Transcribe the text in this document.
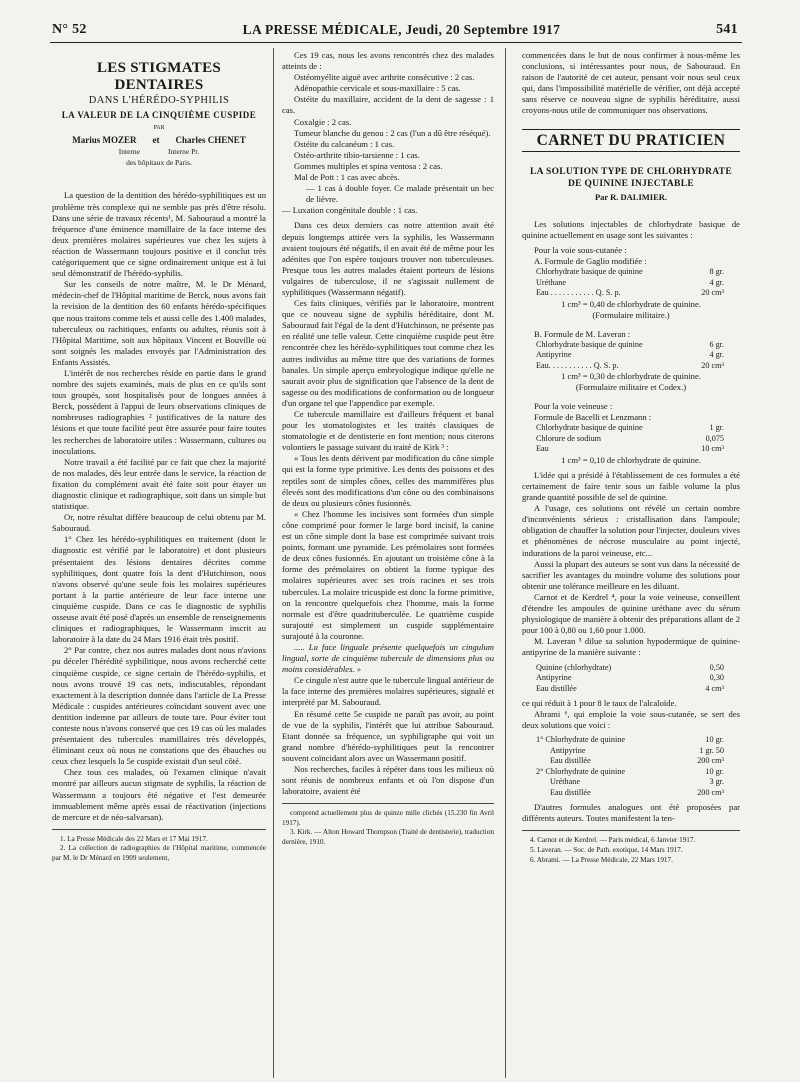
N° 52	LA PRESSE MÉDICALE, Jeudi, 20 Septembre 1917	541
LES STIGMATES DENTAIRES
DANS L'HÉRÉDO-SYPHILIS
LA VALEUR DE LA CINQUIÈME CUSPIDE
PAR
Marius MOZER et Charles CHENET
Interne	Interne Pr.
des hôpitaux de Paris.

La question de la dentition des hérédo-syphilitiques est un problème très complexe qui ne semble pas près d'être résolu. Dans une série de travaux récents¹, M. Sabouraud a montré la fréquence d'une éminence mamillaire de la face interne des deux premières molaires supérieures vue chez les sujets à réaction de Wassermann toujours positive et il conclut très catégoriquement que ce signe ordinairement unique est à lui seul démonstratif de l'hérédo-syphilis.

Sur les conseils de notre maître, M. le Dr Ménard, médecin-chef de l'Hôpital maritime de Berck, nous avons fait la revision de la dentition des 60 enfants hérédo-spécifiques que nous traitons comme tels et aussi celle des 1.400 malades, tuberculeux ou rachitiques, enfants ou adultes, réunis soit à l'Hôpital Maritime, soit aux hôpitaux Vincent et Bouville où sont soignés les malades envoyés par l'Administration des Enfants Assistés.

L'intérêt de nos recherches réside en partie dans le grand nombre des sujets examinés, mais de plus en ce qu'ils sont tous groupés, sont hospitalisés pour de longues années à Berck, possèdent à l'appui de leurs observations cliniques de nombreuses radiographies ² justificatives de la nature des lésions et que toute facilité peut être assurée pour faire toutes les recherches de laboratoire utiles : Wassermann, cultures ou inoculations.

Notre travail a été facilité par ce fait que chez la majorité de nos malades, dès leur entrée dans le service, la réaction de fixation du complément avait été faite soit pour étayer un diagnostic clinique et radiographique, soit dans un simple but statistique.

Or, notre résultat diffère beaucoup de celui obtenu par M. Sabouraud.

1° Chez les hérédo-syphilitiques en traitement (dont le diagnostic est vérifié par le laboratoire) et dont plusieurs présentaient des lésions dentaires décrites comme syphilitiques, dont quatre fois la dent d'Hutchinson, nous n'avons observé qu'une seule fois les molaires supérieures portant à la partie antérieure de leur face interne une cinquième cuspide. Dans ce cas le diagnostic de syphilis osseuse avait été posé d'après un ensemble de renseignements cliniques et radiographiques, le Wassermann inscrit au laboratoire à la date du 24 Mars 1916 était très positif.

2° Par contre, chez nos autres malades dont nous n'avions pu déceler l'hérédité syphilitique, nous avons recherché cette cinquième cuspide, ce signe certain de l'hérédo-syphilis, et nous avons trouvé 19 cas nets, indiscutables, répondant exactement à la description donnée dans l'article de La Presse Médicale : cuspides antérieures coïncidant souvent avec une dentition indemne par ailleurs de toute tare. Pour éviter tout conteste nous n'avons conservé que ces 19 cas où les malades présentaient des tubercules mamillaires très développés, éliminant ceux où nous ne constations que des ébauches ou ceux chez lesquels la 5e cuspide existait d'un seul côté.

Chez tous ces malades, où l'examen clinique n'avait montré par ailleurs aucun stigmate de syphilis, la réaction de Wassermann a toujours été négative et l'est demeurée immuablement même après essai de réactivation (injections de mercure et de néo-salvarsan).

1. La Presse Médicale des 22 Mars et 17 Mai 1917.
2. La collection de radiographies de l'Hôpital maritime, commencée par M. le Dr Ménard en 1909 seulement,

Ces 19 cas, nous les avons rencontrés chez des malades atteints de :

Ostéomyélite aiguë avec arthrite consécutive : 2 cas.

Adénopathie cervicale et sous-maxillaire : 5 cas.

Ostéite du maxillaire, accident de la dent de sagesse : 1 cas.

Coxalgie : 2 cas.

Tumeur blanche du genou : 2 cas (l'un a dû être réséqué).

Ostéite du calcanéum : 1 cas.

Ostéo-arthrite tibio-tarsienne : 1 cas.

Gommes multiples et spina ventosa : 2 cas.

Mal de Pott : 1 cas avec abcès.

— 1 cas à double foyer. Ce malade présentait un bec de lièvre.

— Luxation congénitale double : 1 cas.

Dans ces deux derniers cas notre attention avait été depuis longtemps attirée vers la syphilis, les Wassermann avaient toujours été négatifs, il en avait été de même pour les adénites que l'on espère toujours trouver non tuberculeuses. Presque tous les autres malades étaient porteurs de lésions vulgaires de tuberculose, il ne s'agissait nullement de syphilitiques (Wassermann négatif).

Ces faits cliniques, vérifiés par le laboratoire, montrent que ce nouveau signe de syphilis héréditaire, dont M. Sabouraud fait l'égal de la dent d'Hutchinson, ne présente pas en réalité une telle valeur. Cette cinquième cuspide peut être rencontrée chez les hérédo-syphilitiques tout comme chez les autres individus au même titre que des variations de formes banales. Un simple aperçu embryologique indique qu'elle ne saurait avoir plus de signification que l'absence de la dent de sagesse ou des modifications de conformation ou de longueur d'un organe tel que l'appendice par exemple.

Ce tubercule mamillaire est d'ailleurs fréquent et banal pour les stomatologistes et les traités classiques de stomatologie et de dentisterie en font mention; nous citerons volontiers le passage suivant du traité de Kirk ³ :

« Tous les dents dérivent par modification du cône simple qui est la forme type primitive. Les dents des poissons et des reptiles sont de simples cônes, celles des mammifères plus élevés sont des modifications d'un cône ou des combinaisons de deux ou plusieurs cônes fusionnés.

« Chez l'homme les incisives sont formées d'un simple cône comprimé pour former le large bord incisif, la canine est un cône simple dont la base est comprimée suivant trois points, formant une pyramide. Les prémolaires sont formées de deux cônes fusionnés. En ajoutant un troisième cône à la forme des prémolaires on obtient la forme typique des molaires supérieures avec ses trois racines et ses trois tubercules. La molaire tricuspide est donc la forme primitive, on la rencontre quelquefois chez l'homme, mais la forme normale est d'être quadrituberculée. Le quatrième cuspide surajouté est simplement un cuspide supplémentaire surajouté à la couronne.

..... La face linguale présente quelquefois un cingulum lingual, sorte de cinquième tubercule de dimensions plus ou moins considérables. »

Ce cingule n'est autre que le tubercule lingual antérieur de la face interne des premières molaires supérieures, signalé et interprété par M. Sabouraud.

En résumé cette 5e cuspide ne paraît pas avoir, au point de vue de la syphilis, l'intérêt que lui attribue Sabouraud. Etant donnée sa fréquence, un syphiligraphe qui voit un grand nombre d'hérédo-syphilitiques peut la rencontrer souvent coïncidant alors avec un Wassermann positif.

Nos recherches, faciles à répéter dans tous les milieux où sont réunis de nombreux enfants et où l'on dispose d'un laboratoire, avaient été

comprend actuellement plus de quinze mille clichés (15.230 fin Avril 1917).
3. Kirk. — Alton Howard Thompson (Traité de dentisterie), traduction dernière, 1910.

commencées dans le but de nous confirmer à nous-même les conclusions, si intéressantes pour nous, de Sabouraud. En raison de l'autorité de cet auteur, pensant voir nous seul ceux qui, dans l'impossibilité matérielle de vérifier, ont déjà accepté sans réserve ce nouveau signe de syphilis héréditaire, aussi croyons-nous utile de communiquer nos observations.

CARNET DU PRATICIEN
LA SOLUTION TYPE DE CHLORHYDRATE
DE QUININE INJECTABLE
Par R. DALIMIER.

Les solutions injectables de chlorhydrate basique de quinine actuellement en usage sont les suivantes :

Pour la voie sous-cutanée :

A. Formule de Gaglio modifiée :

Chlorhydrate basique de quinine	8 gr.
Uréthane	4 gr.
Eau . . . . . . . . . . . Q. S. p.	20 cm³
1 cm³ = 0,40 de chlorhydrate de quinine.
(Formulaire militaire.)

B. Formule de M. Laveran :

Chlorhydrate basique de quinine	6 gr.
Antipyrine	4 gr.
Eau. . . . . . . . . . . Q. S. p.	20 cm³
1 cm³ = 0,30 de chlorhydrate de quinine.
(Formulaire militaire et Codex.)

Pour la voie veineuse :

Formule de Bacelli et Lenzmann :

Chlorhydrate basique de quinine	1 gr.
Chlorure de sodium	0,075
Eau	10 cm³
1 cm³ = 0,10 de chlorhydrate de quinine.

L'idée qui a présidé à l'établissement de ces formules a été certainement de faire tenir sous un faible volume la plus grande quantité possible de sel de quinine.

A l'usage, ces solutions ont révélé un certain nombre d'inconvénients sérieux : cristallisation dans l'ampoule; obligation de chauffer la solution pour l'injecter, douleurs vives et phénomènes de nécrose musculaire au point injecté, indurations de la paroi veineuse, etc...

Aussi la plupart des auteurs se sont vus dans la nécessité de sacrifier les avantages du moindre volume des solutions pour obtenir une tolérance meilleure en les diluant.

Carnot et de Kerdrel ⁴, pour la voie veineuse, conseillent d'étendre les ampoules de quinine uréthane avec du sérum physiologique de manière à obtenir des préparations allant de 2 pour 100 à 0,80 ou 1,60 pour 1.000.

M. Laveran ⁵ dilue sa solution hypodermique de quinine-antipyrine de la manière suivante :

Quinine (chlorhydrate)	0,50
Antipyrine	0,30
Eau distillée	4 cm³

ce qui réduit à 1 pour 8 le taux de l'alcaloïde.

Abrami ⁶, qui emploie la voie sous-cutanée, se sert des deux solutions que voici :

1° Chlorhydrate de quinine	10 gr.
Antipyrine	1 gr. 50
Eau distillée	200 cm³
2° Chlorhydrate de quinine	10 gr.
Uréthane	3 gr.
Eau distillée	200 cm³

D'autres formules analogues ont été proposées par différents auteurs. Toutes manifestent la ten-

4. Carnot et de Kerdrel. — Paris médical, 6 Janvier 1917.
5. Laveran. — Soc. de Path. exotique, 14 Mars 1917.
6. Abrami. — La Presse Médicale, 22 Mars 1917.
